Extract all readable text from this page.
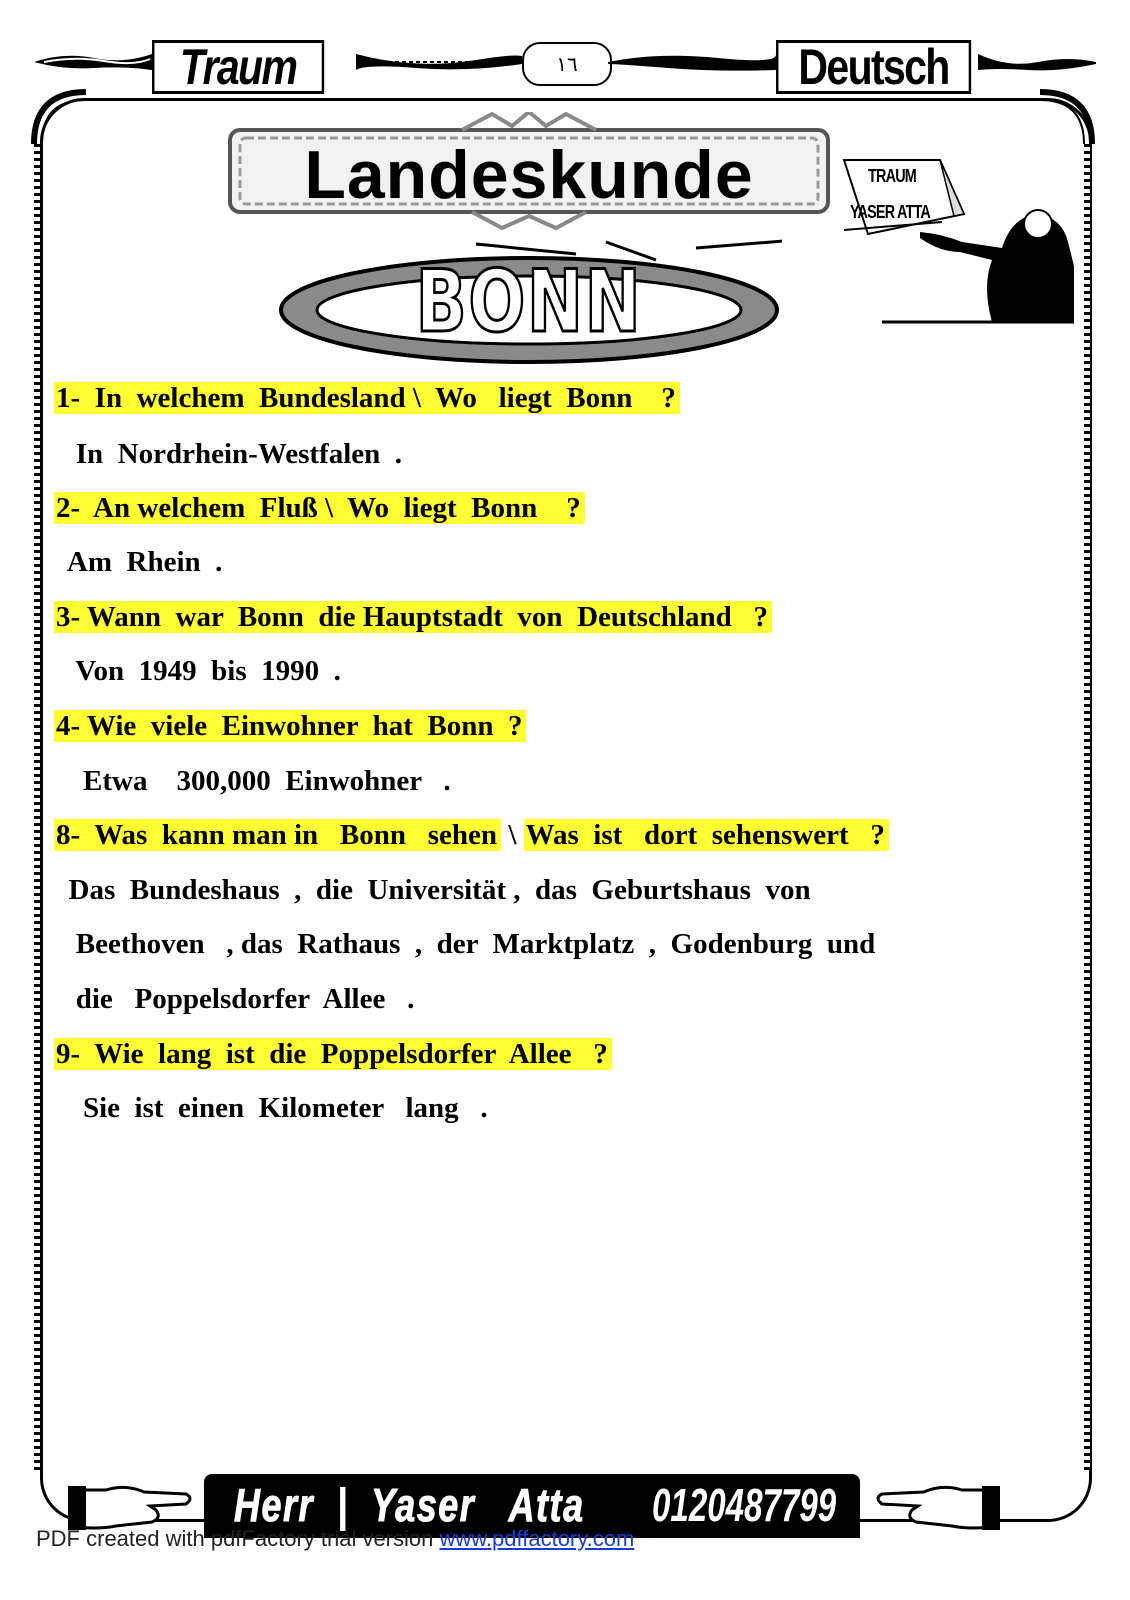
Traum	١٦	Deutsch
Landeskunde
BONN
TRAUM
YASER ATTA
1-  In  welchem  Bundesland \  Wo   liegt  Bonn    ?
In  Nordrhein-Westfalen  .
2-  An welchem  Fluß \  Wo  liegt  Bonn    ?
Am  Rhein  .
3- Wann  war  Bonn  die Hauptstadt  von  Deutschland   ?
Von  1949  bis  1990  .
4- Wie  viele  Einwohner  hat  Bonn  ?
Etwa    300,000  Einwohner   .
8-  Was  kann man in   Bonn   sehen \ Was  ist   dort  sehenswert   ?
Das  Bundeshaus  ,  die  Universität ,  das  Geburtshaus  von
Beethoven   , das  Rathaus  ,  der  Marktplatz  ,  Godenburg  und
die   Poppelsdorfer  Allee   .
9-  Wie  lang  ist  die  Poppelsdorfer  Allee   ?
Sie  ist  einen  Kilometer   lang   .
Herr  |  Yaser   Atta 0120487799
PDF created with pdfFactory trial version www.pdffactory.com
